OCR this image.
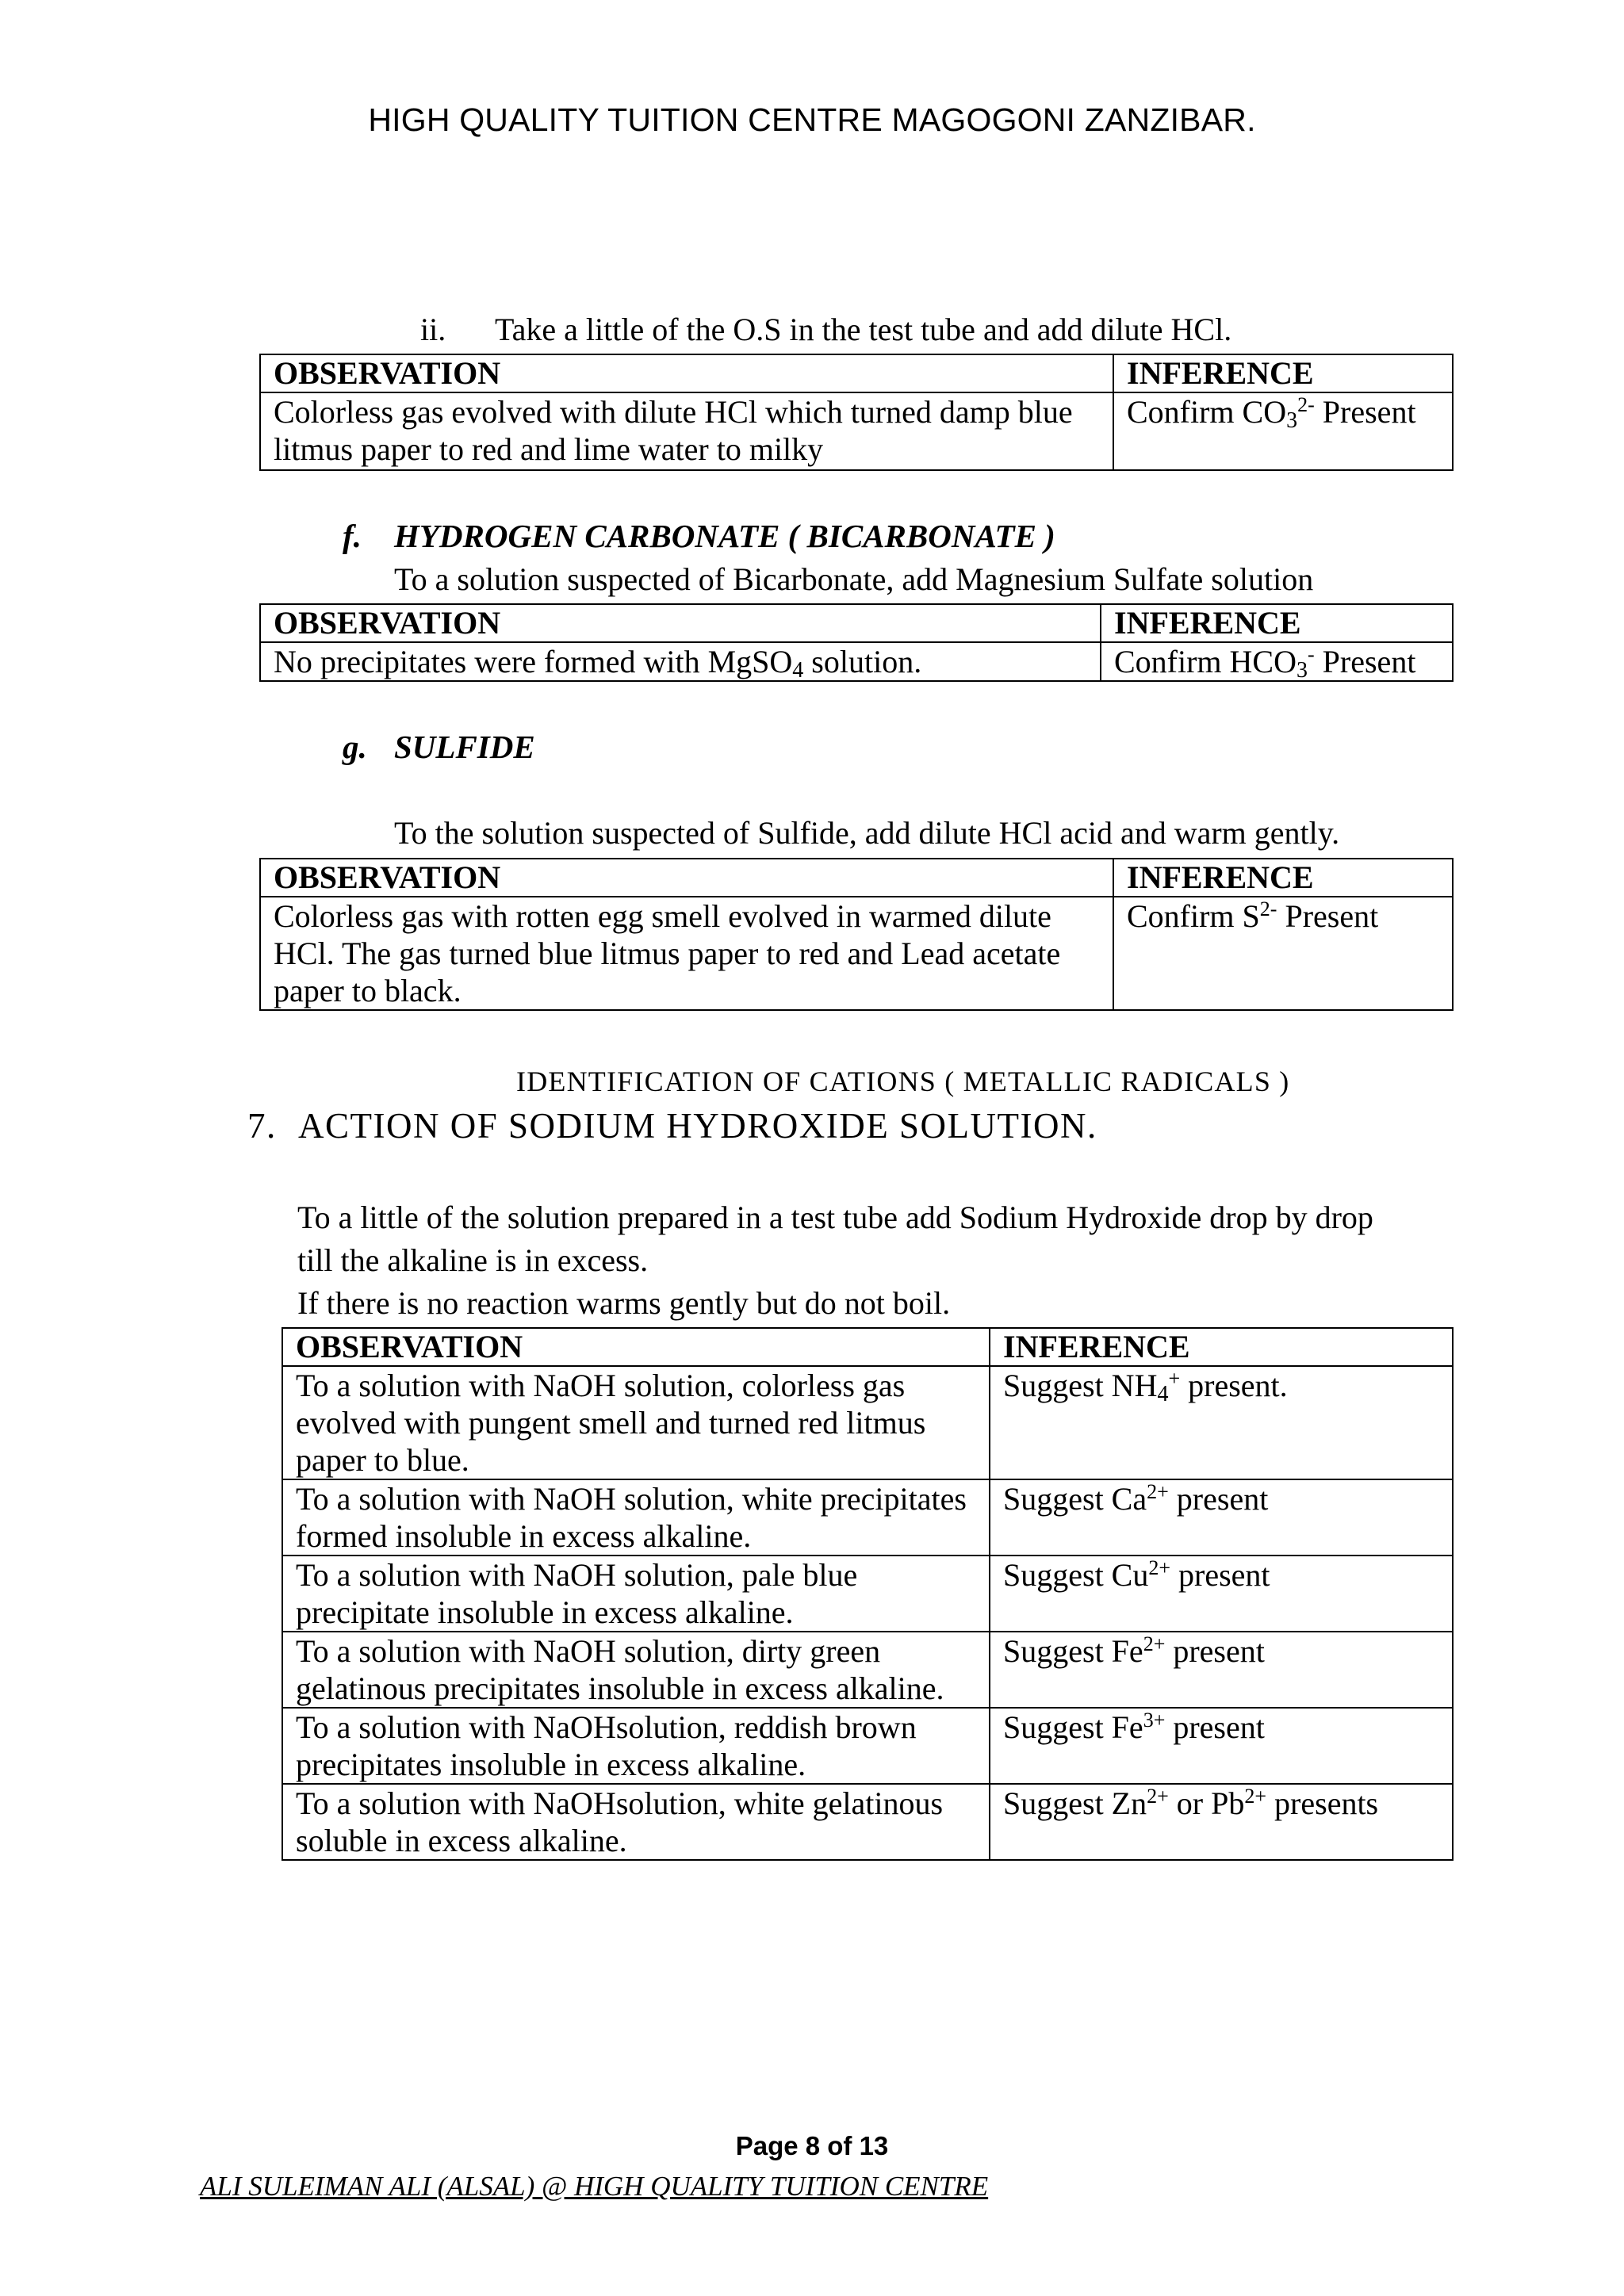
HIGH QUALITY TUITION CENTRE MAGOGONI ZANZIBAR.
ii. Take a little of the O.S in the test tube and add dilute HCl.
OBSERVATION	INFERENCE
Colorless gas evolved with dilute HCl which turned damp blue litmus paper to red and lime water to milky	Confirm $CO_3^{2-}$ Present
f. HYDROGEN CARBONATE ( BICARBONATE )
To a solution suspected of Bicarbonate, add Magnesium Sulfate solution
OBSERVATION	INFERENCE
No precipitates were formed with MgSO$_4$ solution.	Confirm $HCO_3^-$ Present
g. SULFIDE
To the solution suspected of Sulfide, add dilute HCl acid and warm gently.
OBSERVATION	INFERENCE
Colorless gas with rotten egg smell evolved in warmed dilute HCl. The gas turned blue litmus paper to red and Lead acetate paper to black.	Confirm $S^{2-}$ Present
IDENTIFICATION OF CATIONS ( METALLIC RADICALS )
7. ACTION OF SODIUM HYDROXIDE SOLUTION.
To a little of the solution prepared in a test tube add Sodium Hydroxide drop by drop
till the alkaline is in excess.
If there is no reaction warms gently but do not boil.
OBSERVATION	INFERENCE
To a solution with NaOH solution, colorless gas evolved with pungent smell and turned red litmus paper to blue.	Suggest $NH_4^+$ present.
To a solution with NaOH solution, white precipitates formed insoluble in excess alkaline.	Suggest $Ca^{2+}$ present
To a solution with NaOH solution, pale blue precipitate insoluble in excess alkaline.	Suggest $Cu^{2+}$ present
To a solution with NaOH solution, dirty green gelatinous precipitates insoluble in excess alkaline.	Suggest $Fe^{2+}$ present
To a solution with NaOHsolution, reddish brown precipitates insoluble in excess alkaline.	Suggest $Fe^{3+}$ present
To a solution with NaOHsolution, white gelatinous soluble in excess alkaline.	Suggest $Zn^{2+}$ or $Pb^{2+}$ presents
Page 8 of 13
ALI SULEIMAN ALI (ALSAL) @ HIGH QUALITY TUITION CENTRE
